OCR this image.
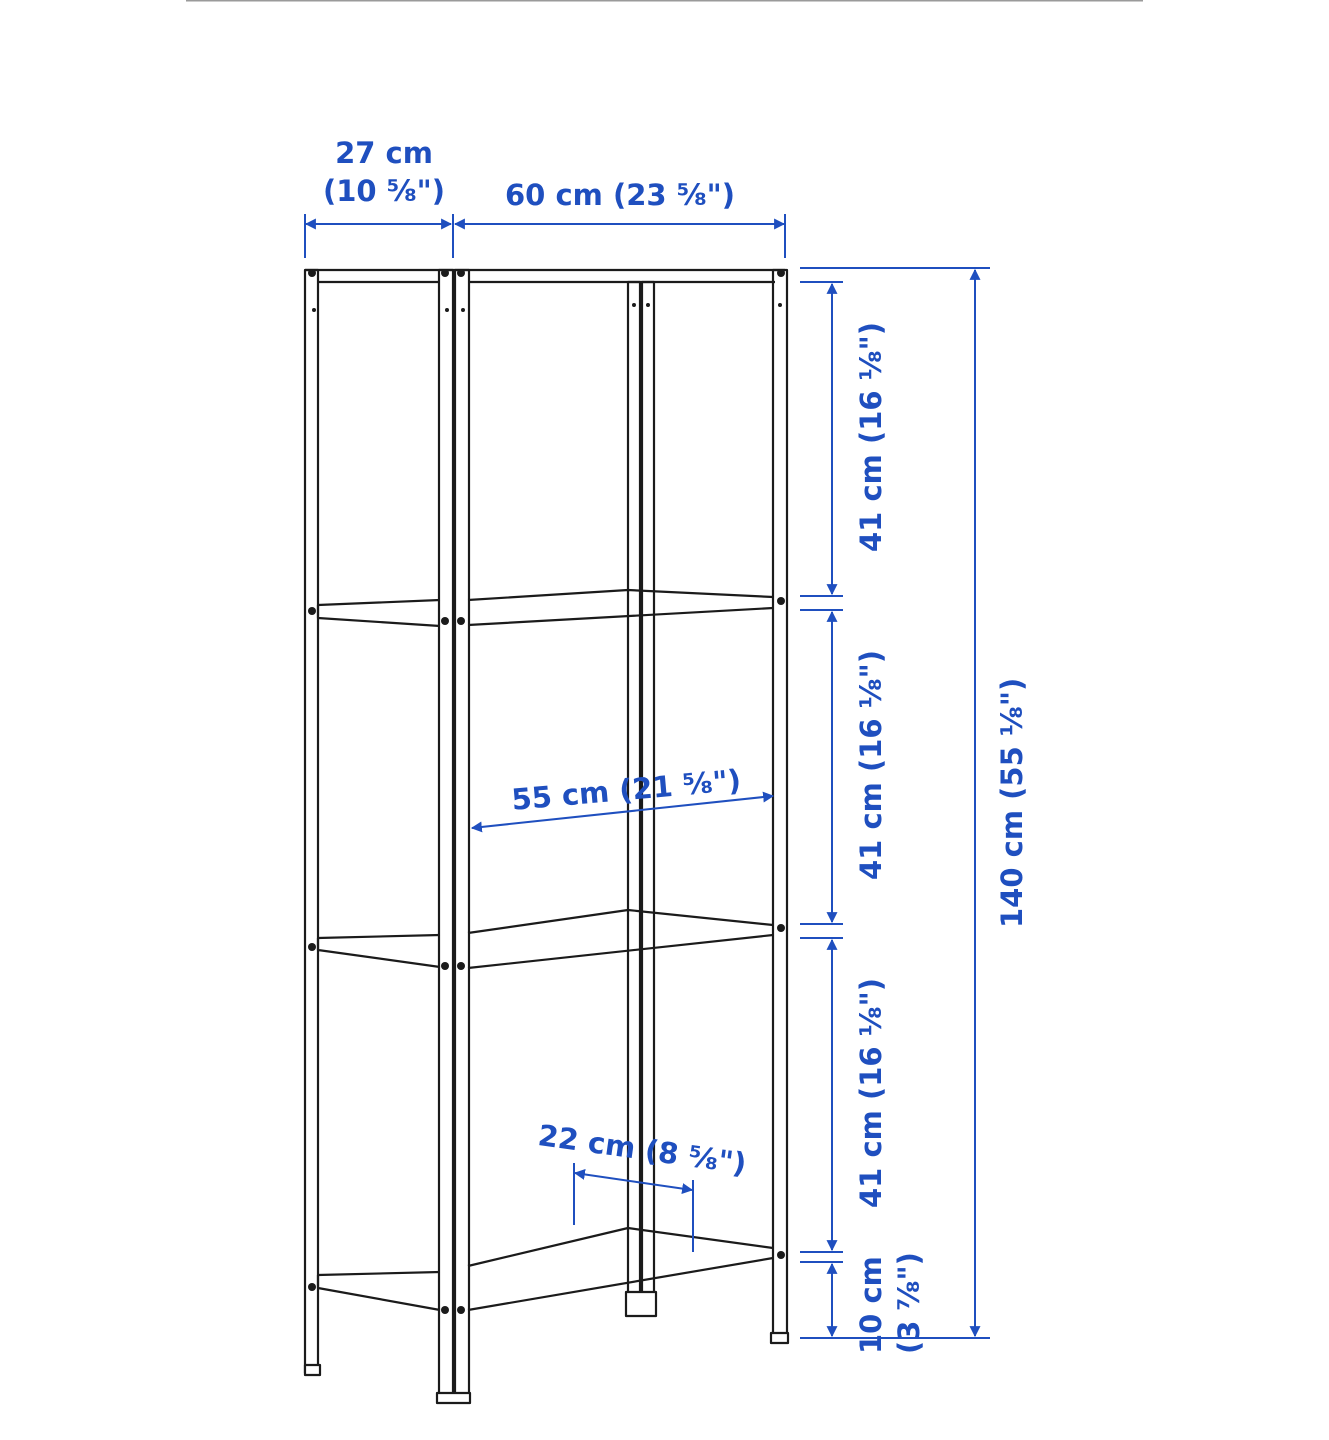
27 cm
(10 ⅝")	60 cm (23 ⅝")
41 cm (16 ⅛")
41 cm (16 ⅛")
41 cm (16 ⅛")
140 cm (55 ⅛")
10 cm (3 ⅞")
55 cm (21 ⅝")
22 cm (8 ⅝")
